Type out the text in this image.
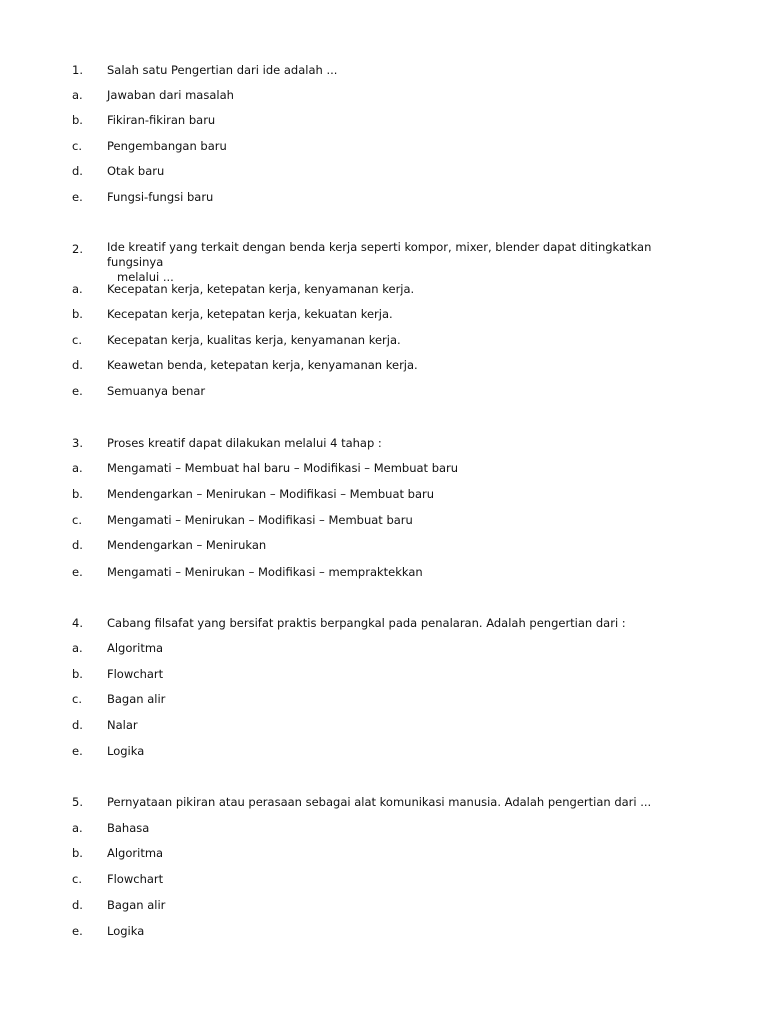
1. Salah satu Pengertian dari ide adalah ...
a. Jawaban dari masalah
b. Fikiran-fikiran baru
c. Pengembangan baru
d. Otak baru
e. Fungsi-fungsi baru
2. Ide kreatif yang terkait dengan benda kerja seperti kompor, mixer, blender dapat ditingkatkan fungsinya
melalui ...
a. Kecepatan kerja, ketepatan kerja, kenyamanan kerja.
b. Kecepatan kerja, ketepatan kerja, kekuatan kerja.
c. Kecepatan kerja, kualitas kerja, kenyamanan kerja.
d. Keawetan benda, ketepatan kerja, kenyamanan kerja.
e. Semuanya benar
3. Proses kreatif dapat dilakukan melalui 4 tahap :
a. Mengamati – Membuat hal baru – Modifikasi – Membuat baru
b. Mendengarkan – Menirukan – Modifikasi – Membuat baru
c. Mengamati – Menirukan – Modifikasi – Membuat baru
d. Mendengarkan – Menirukan
e. Mengamati – Menirukan – Modifikasi – mempraktekkan
4. Cabang filsafat yang bersifat praktis berpangkal pada penalaran. Adalah pengertian dari :
a. Algoritma
b. Flowchart
c. Bagan alir
d. Nalar
e. Logika
5. Pernyataan pikiran atau perasaan sebagai alat komunikasi manusia. Adalah pengertian dari ...
a. Bahasa
b. Algoritma
c. Flowchart
d. Bagan alir
e. Logika
